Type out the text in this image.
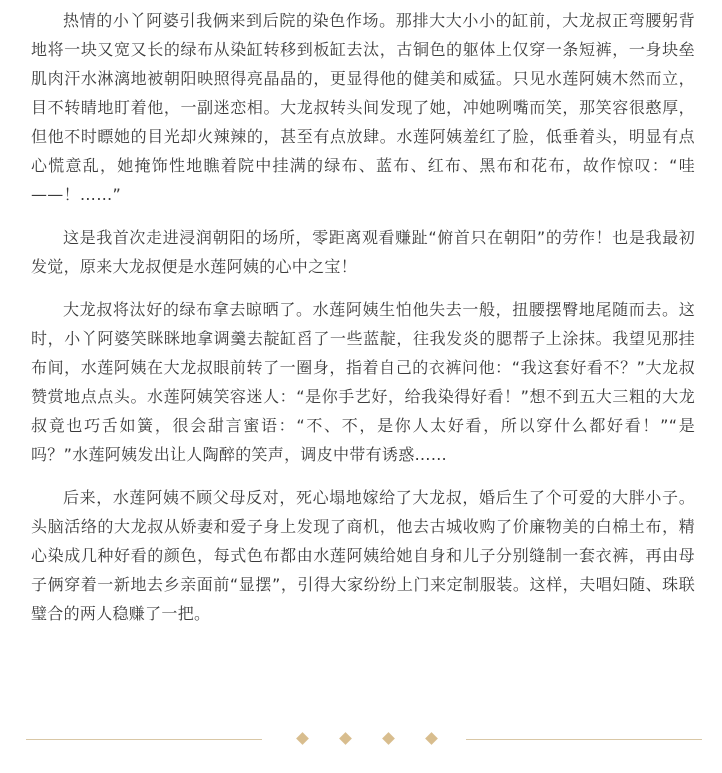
热情的小丫阿婆引我俩来到后院的染色作场。那排大大小小的缸前，大龙叔正弯腰躬背地将一块又宽又长的绿布从染缸转移到板缸去汰，古铜色的躯体上仅穿一条短裤，一身块垒肌肉汗水淋漓地被朝阳映照得亮晶晶的，更显得他的健美和威猛。只见水莲阿姨木然而立，目不转睛地盯着他，一副迷恋相。大龙叔转头间发现了她，冲她咧嘴而笑，那笑容很憨厚，但他不时瞟她的目光却火辣辣的，甚至有点放肆。水莲阿姨羞红了脸，低垂着头，明显有点心慌意乱，她掩饰性地瞧着院中挂满的绿布、蓝布、红布、黑布和花布，故作惊叹：“哇——！……”

这是我首次走进浸润朝阳的场所，零距离观看赚趾“俯首只在朝阳”的劳作！也是我最初发觉，原来大龙叔便是水莲阿姨的心中之宝！

大龙叔将汰好的绿布拿去晾晒了。水莲阿姨生怕他失去一般，扭腰摆臀地尾随而去。这时，小丫阿婆笑眯眯地拿调羹去靛缸舀了一些蓝靛，往我发炎的腮帮子上涂抹。我望见那挂布间，水莲阿姨在大龙叔眼前转了一圈身，指着自己的衣裤问他：“我这套好看不？”大龙叔赞赏地点点头。水莲阿姨笑容迷人：“是你手艺好，给我染得好看！”想不到五大三粗的大龙叔竟也巧舌如簧，很会甜言蜜语：“不、不，是你人太好看，所以穿什么都好看！”“是吗？”水莲阿姨发出让人陶醉的笑声，调皮中带有诱惑……

后来，水莲阿姨不顾父母反对，死心塌地嫁给了大龙叔，婚后生了个可爱的大胖小子。头脑活络的大龙叔从娇妻和爱子身上发现了商机，他去古城收购了价廉物美的白棉土布，精心染成几种好看的颜色，每式色布都由水莲阿姨给她自身和儿子分别缝制一套衣裤，再由母子俩穿着一新地去乡亲面前“显摆”，引得大家纷纷上门来定制服装。这样，夫唱妇随、珠联璧合的两人稳赚了一把。
